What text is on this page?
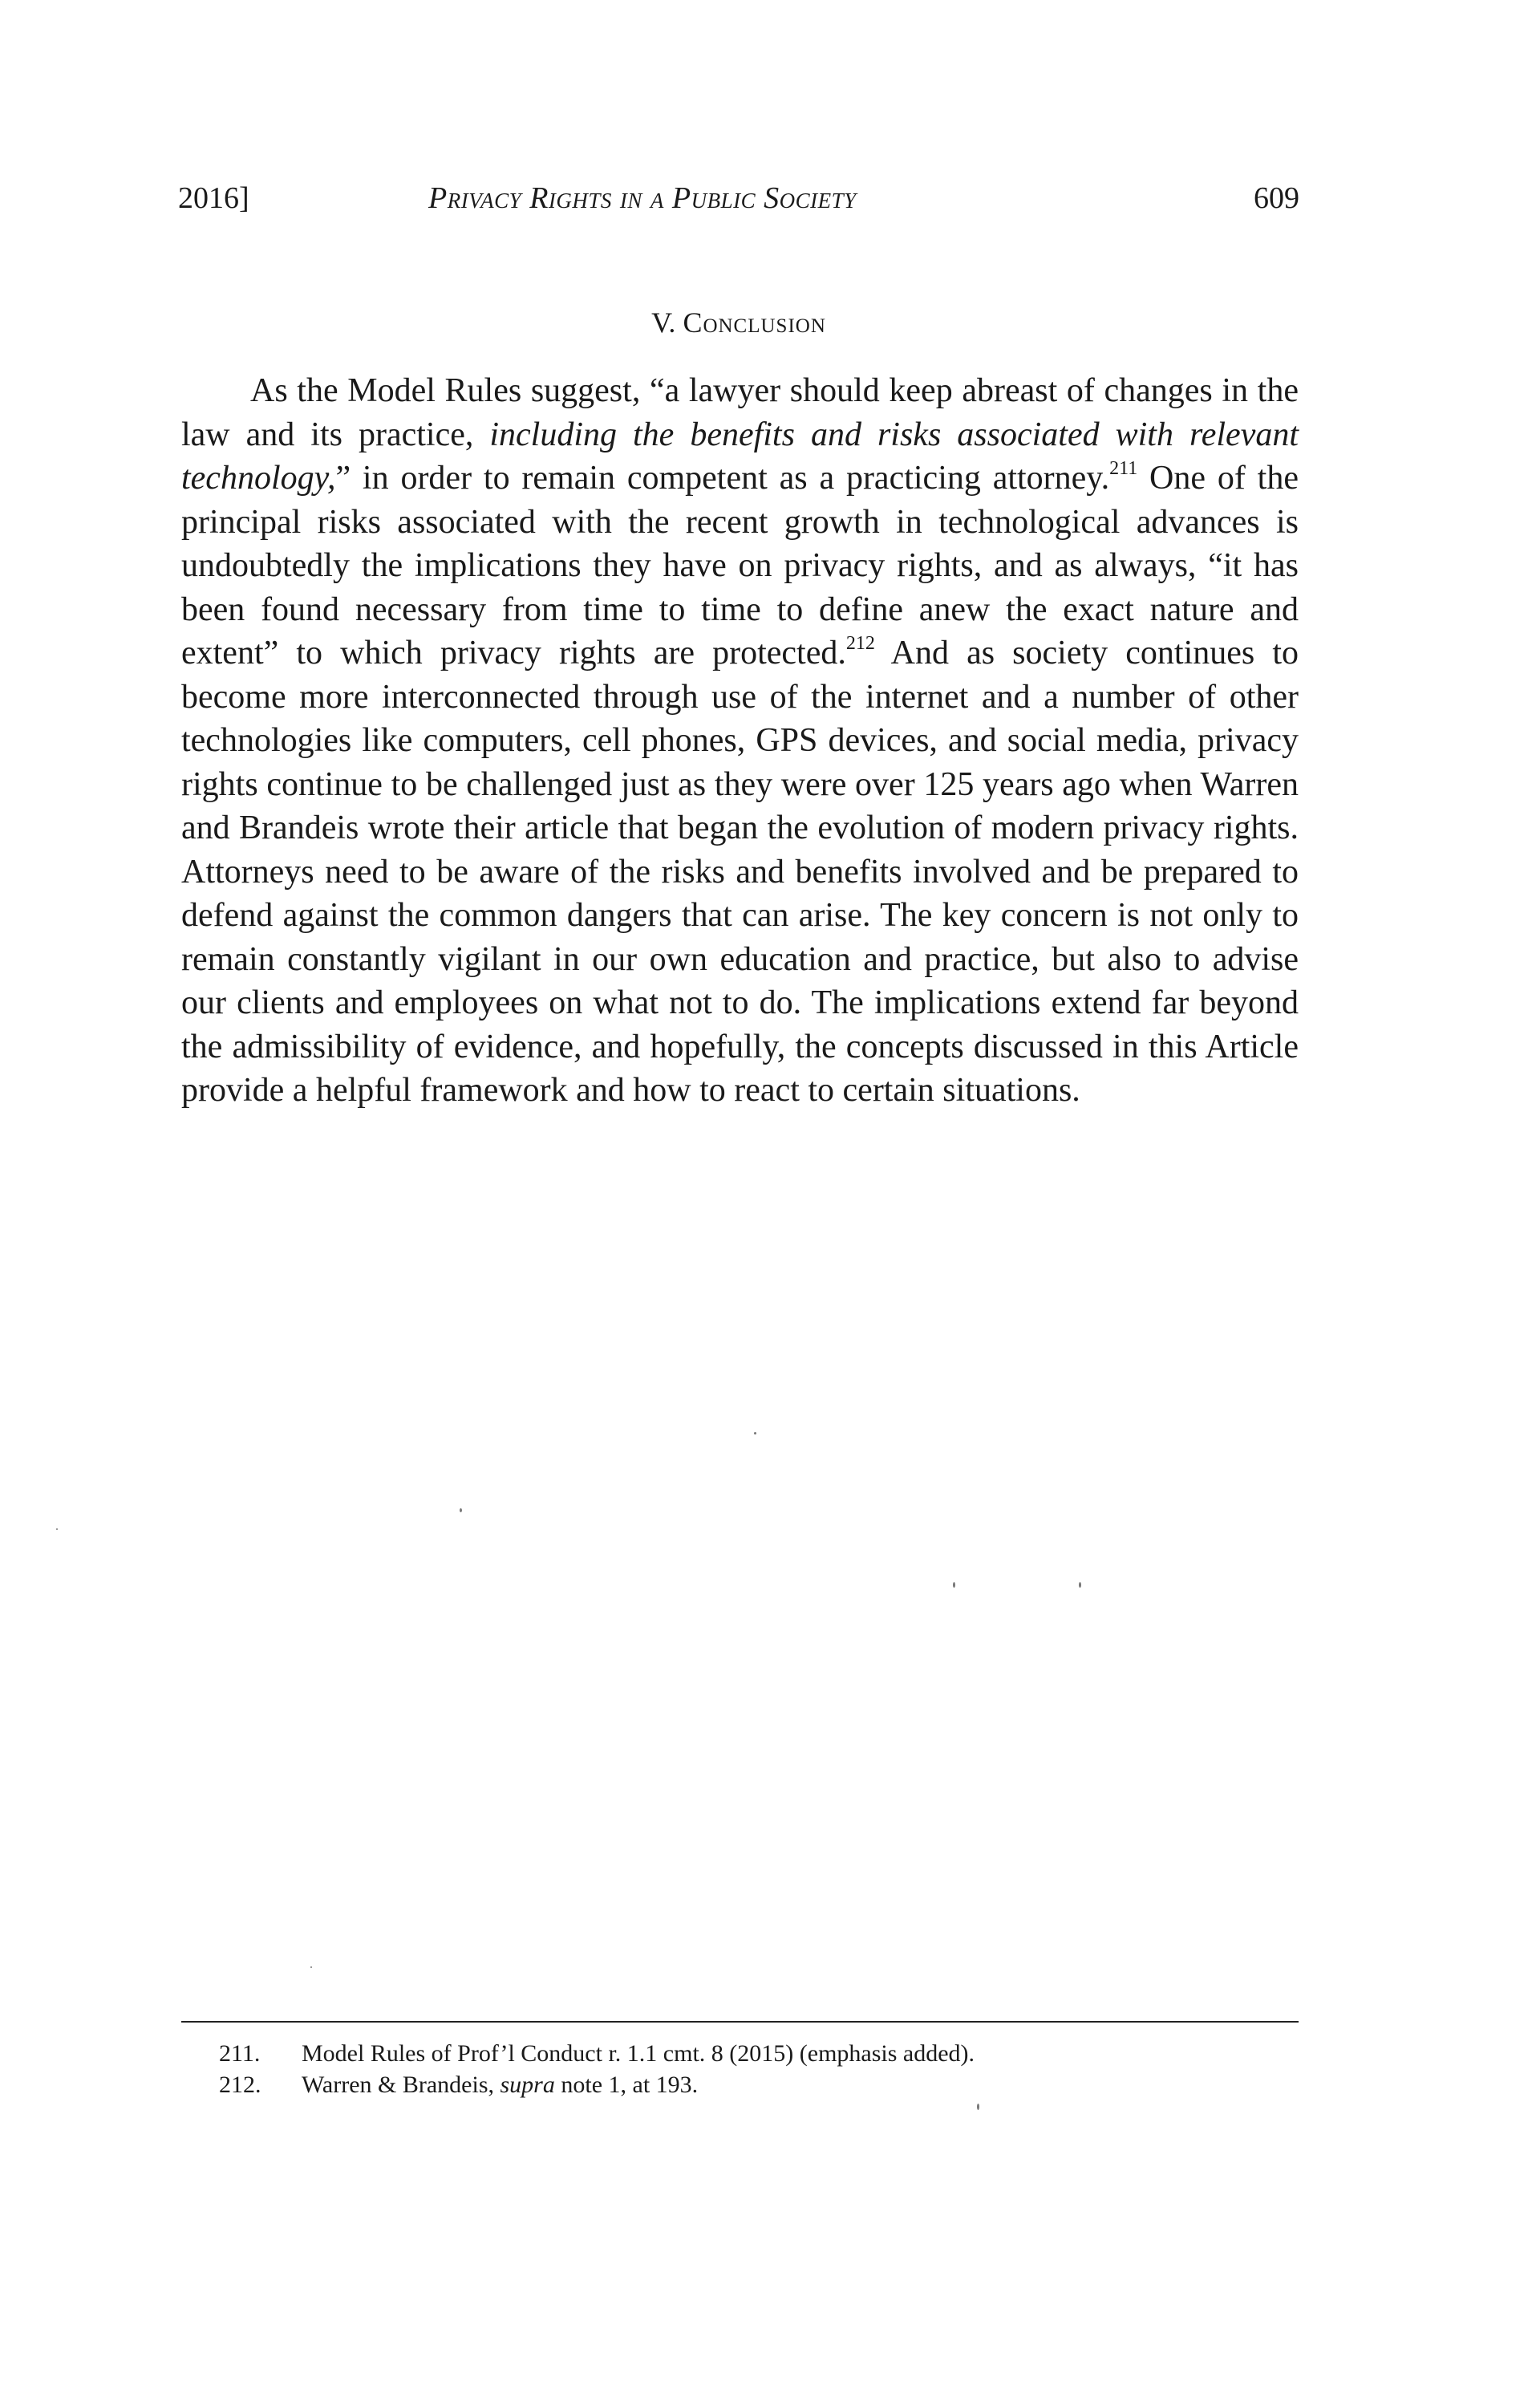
2016]	Privacy Rights in a Public Society	609
V. Conclusion

As the Model Rules suggest, “a lawyer should keep abreast of changes in the law and its practice, including the benefits and risks associated with relevant technology,” in order to remain competent as a practicing attorney.$^{211}$ One of the principal risks associated with the recent growth in technological advances is undoubtedly the implications they have on privacy rights, and as always, “it has been found necessary from time to time to define anew the exact nature and extent” to which privacy rights are protected.$^{212}$ And as society continues to become more interconnected through use of the internet and a number of other technologies like computers, cell phones, GPS devices, and social media, privacy rights continue to be challenged just as they were over 125 years ago when Warren and Brandeis wrote their article that began the evolution of modern privacy rights. Attorneys need to be aware of the risks and benefits involved and be prepared to defend against the common dangers that can arise. The key concern is not only to remain constantly vigilant in our own education and practice, but also to advise our clients and employees on what not to do. The implications extend far beyond the admissibility of evidence, and hopefully, the concepts discussed in this Article provide a helpful framework and how to react to certain situations.

211. Model Rules of Prof’l Conduct r. 1.1 cmt. 8 (2015) (emphasis added).
212. Warren & Brandeis, supra note 1, at 193.
